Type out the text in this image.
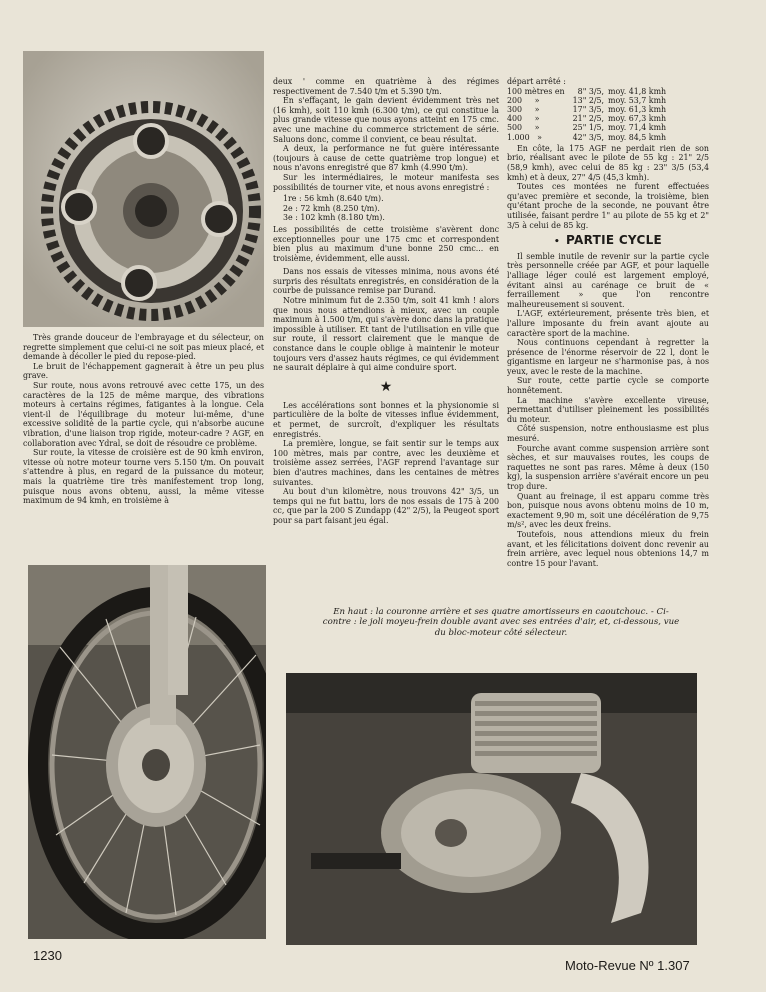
Très grande douceur de l'embrayage et du sélecteur, on regrette simplement que celui-ci ne soit pas mieux placé, et demande à décoller le pied du repose-pied.

Le bruit de l'échappement gagnerait à être un peu plus grave.

Sur route, nous avons retrouvé avec cette 175, un des caractères de la 125 de même marque, des vibrations moteurs à certains régimes, fatigantes à la longue. Cela vient-il de l'équilibrage du moteur lui-même, d'une excessive solidité de la partie cycle, qui n'absorbe aucune vibration, d'une liaison trop rigide, moteur-cadre ? AGF, en collaboration avec Ydral, se doit de résoudre ce problème.

Sur route, la vitesse de croisière est de 90 kmh environ, vitesse où notre moteur tourne vers 5.150 t/m. On pouvait s'attendre à plus, en regard de la puissance du moteur, mais la quatrième tire très manifestement trop long, puisque nous avons obtenu, aussi, la même vitesse maximum de 94 kmh, en troisième à

deux ' comme en quatrième à des régimes respectivement de 7.540 t/m et 5.390 t/m.

En s'effaçant, le gain devient évidemment très net (16 kmh), soit 110 kmh (6.300 t/m), ce qui constitue la plus grande vitesse que nous ayons atteint en 175 cmc. avec une machine du commerce strictement de série. Saluons donc, comme il convient, ce beau résultat.

A deux, la performance ne fut guère intéressante (toujours à cause de cette quatrième trop longue) et nous n'avons enregistré que 87 kmh (4.990 t/m).

Sur les intermédiaires, le moteur manifesta ses possibilités de tourner vite, et nous avons enregistré :

1re : 56 kmh (8.640 t/m).
2e : 72 kmh (8.250 t/m).
3e : 102 kmh (8.180 t/m).

Les possibilités de cette troisième s'avèrent donc exceptionnelles pour une 175 cmc et correspondent bien plus au maximum d'une bonne 250 cmc... en troisième, évidemment, elle aussi.

Dans nos essais de vitesses minima, nous avons été surpris des résultats enregistrés, en considération de la courbe de puissance remise par Durand.

Notre minimum fut de 2.350 t/m, soit 41 kmh ! alors que nous nous attendions à mieux, avec un couple maximum à 1.500 t/m, qui s'avère donc dans la pratique impossible à utiliser. Et tant de l'utilisation en ville que sur route, il ressort clairement que le manque de constance dans le couple oblige à maintenir le moteur toujours vers d'assez hauts régimes, ce qui évidemment ne saurait déplaire à qui aime conduire sport.

★

Les accélérations sont bonnes et la physionomie si particulière de la boîte de vitesses influe évidemment, et permet, de surcroît, d'expliquer les résultats enregistrés.

La première, longue, se fait sentir sur le temps aux 100 mètres, mais par contre, avec les deuxième et troisième assez serrées, l'AGF reprend l'avantage sur bien d'autres machines, dans les centaines de mètres suivantes.

Au bout d'un kilomètre, nous trouvons 42" 3/5, un temps qui ne fut battu, lors de nos essais de 175 à 200 cc, que par la 200 S Zundapp (42" 2/5), la Peugeot sport pour sa part faisant jeu égal.

départ arrêté :

100 mètres en		8" 3/5,	moy. 41,8 kmh
200 »		13" 2/5,	moy. 53,7 kmh
300 »		17" 3/5,	moy. 61,3 kmh
400 »		21" 2/5,	moy. 67,3 kmh
500 »		25" 1/5,	moy. 71,4 kmh
1.000 »		42" 3/5,	moy. 84,5 kmh

En côte, la 175 AGF ne perdait rien de son brio, réalisant avec le pilote de 55 kg : 21" 2/5 (58,9 kmh), avec celui de 85 kg : 23" 3/5 (53,4 kmh) et à deux, 27" 4/5 (45,3 kmh).

Toutes ces montées ne furent effectuées qu'avec première et seconde, la troisième, bien qu'étant proche de la seconde, ne pouvant être utilisée, faisant perdre 1" au pilote de 55 kg et 2" 3/5 à celui de 85 kg.

• PARTIE CYCLE

Il semble inutile de revenir sur la partie cycle très personnelle créée par AGF, et pour laquelle l'alliage léger coulé est largement employé, évitant ainsi au carénage ce bruit de « ferraillement » que l'on rencontre malheureusement si souvent.

L'AGF, extérieurement, présente très bien, et l'allure imposante du frein avant ajoute au caractère sport de la machine.

Nous continuons cependant à regretter la présence de l'énorme réservoir de 22 l, dont le gigantisme en largeur ne s'harmonise pas, à nos yeux, avec le reste de la machine.

Sur route, cette partie cycle se comporte honnêtement.

La machine s'avère excellente vireuse, permettant d'utiliser pleinement les possibilités du moteur.

Côté suspension, notre enthousiasme est plus mesuré.

Fourche avant comme suspension arrière sont sèches, et sur mauvaises routes, les coups de raquettes ne sont pas rares. Même à deux (150 kg), la suspension arrière s'avérait encore un peu trop dure.

Quant au freinage, il est apparu comme très bon, puisque nous avons obtenu moins de 10 m, exactement 9,90 m, soit une décélération de 9,75 m/s², avec les deux freins.

Toutefois, nous attendions mieux du frein avant, et les félicitations doivent donc revenir au frein arrière, avec lequel nous obtenions 14,7 m contre 15 pour l'avant.

En haut : la couronne arrière et ses quatre amortisseurs en caoutchouc. - Ci-contre : le joli moyeu-frein double avant avec ses entrées d'air, et, ci-dessous, vue du bloc-moteur côté sélecteur.
1230
Moto-Revue Nº 1.307
